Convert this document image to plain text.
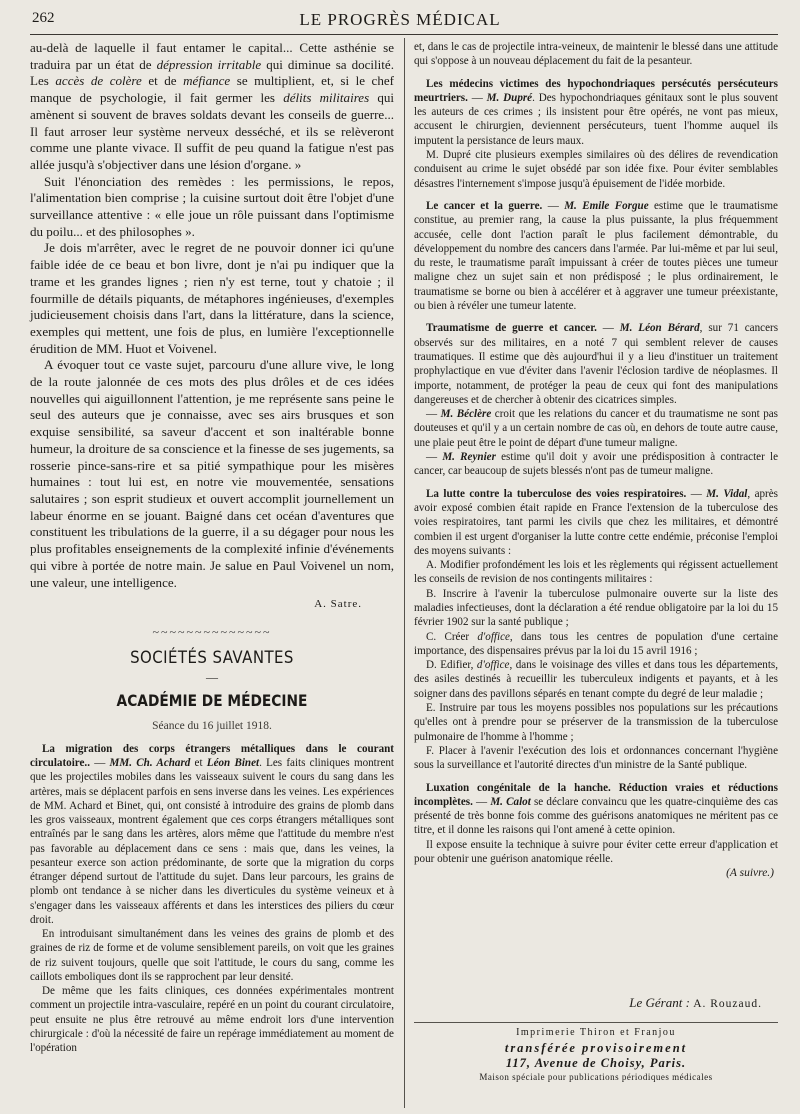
262	LE PROGRÈS MÉDICAL

au-delà de laquelle il faut entamer le capital... Cette asthénie se traduira par un état de dépression irritable qui diminue sa docilité. Les accès de colère et de méfiance se multiplient, et, si le chef manque de psychologie, il fait germer les délits militaires qui amènent si souvent de braves soldats devant les conseils de guerre... Il faut arroser leur système nerveux desséché, et ils se relèveront comme une plante vivace. Il suffit de peu quand la fatigue n'est pas allée jusqu'à s'objectiver dans une lésion d'organe. »

Suit l'énonciation des remèdes : les permissions, le repos, l'alimentation bien comprise ; la cuisine surtout doit être l'objet d'une surveillance attentive : « elle joue un rôle puissant dans l'optimisme du poilu... et des philosophes ».

Je dois m'arrêter, avec le regret de ne pouvoir donner ici qu'une faible idée de ce beau et bon livre, dont je n'ai pu indiquer que la trame et les grandes lignes ; rien n'y est terne, tout y chatoie ; il fourmille de détails piquants, de métaphores ingénieuses, d'exemples judicieusement choisis dans l'art, dans la littérature, dans la science, exemples qui mettent, une fois de plus, en lumière l'exceptionnelle érudition de MM. Huot et Voivenel.

A évoquer tout ce vaste sujet, parcouru d'une allure vive, le long de la route jalonnée de ces mots des plus drôles et de ces idées nouvelles qui aiguillonnent l'attention, je me représente sans peine le seul des auteurs que je connaisse, avec ses airs brusques et son exquise sensibilité, sa saveur d'accent et son inaltérable bonne humeur, la droiture de sa conscience et la finesse de ses jugements, sa rosserie pince-sans-rire et sa pitié sympathique pour les misères humaines : tout lui est, en notre vie mouvementée, sensations salutaires ; son esprit studieux et ouvert accomplit journellement un labeur énorme en se jouant. Baigné dans cet océan d'aventures que constituent les tribulations de la guerre, il a su dégager pour nous les plus profitables enseignements de la complexité infinie d'événements qui vibre à portée de notre main. Je salue en Paul Voivenel un nom, une valeur, une intelligence.

A. Satre.

~~~~~~~~~~~~~~

SOCIÉTÉS SAVANTES

—

ACADÉMIE DE MÉDECINE

Séance du 16 juillet 1918.

La migration des corps étrangers métalliques dans le courant circulatoire.. — MM. Ch. Achard et Léon Binet. Les faits cliniques montrent que les projectiles mobiles dans les vaisseaux suivent le cours du sang dans les artères, mais se déplacent parfois en sens inverse dans les veines. Les expériences de MM. Achard et Binet, qui, ont consisté à introduire des grains de plomb dans les gros vaisseaux, montrent également que ces corps étrangers métalliques sont entraînés par le sang dans les artères, alors même que l'attitude du membre n'est pas favorable au déplacement dans ce sens : mais que, dans les veines, la pesanteur exerce son action prédominante, de sorte que la migration du corps étranger dépend surtout de l'attitude du sujet. Dans leur parcours, les grains de plomb ont tendance à se nicher dans les diverticules du système veineux et à s'engager dans les vaisseaux afférents et dans les interstices des piliers du cœur droit.

En introduisant simultanément dans les veines des grains de plomb et des graines de riz de forme et de volume sensiblement pareils, on voit que les graines de riz suivent toujours, quelle que soit l'attitude, le cours du sang, comme les caillots emboliques dont ils se rapprochent par leur densité.

De même que les faits cliniques, ces données expérimentales montrent comment un projectile intra-vasculaire, repéré en un point du courant circulatoire, peut ensuite ne plus être retrouvé au même endroit lors d'une intervention chirurgicale : d'où la nécessité de faire un repérage immédiatement au moment de l'opération

et, dans le cas de projectile intra-veineux, de maintenir le blessé dans une attitude qui s'oppose à un nouveau déplacement du fait de la pesanteur.

Les médecins victimes des hypochondriaques persécutés persécuteurs meurtriers. — M. Dupré. Des hypochondriaques génitaux sont le plus souvent les auteurs de ces crimes ; ils insistent pour être opérés, ne vont pas mieux, accusent le chirurgien, deviennent persécuteurs, tuent l'homme auquel ils imputent la persistance de leurs maux.

M. Dupré cite plusieurs exemples similaires où des délires de revendication conduisent au crime le sujet obsédé par son idée fixe. Pour éviter semblables désastres l'internement s'impose jusqu'à épuisement de l'idée morbide.

Le cancer et la guerre. — M. Emile Forgue estime que le traumatisme constitue, au premier rang, la cause la plus puissante, la plus fréquemment accusée, celle dont l'action paraît le plus facilement démontrable, du développement du nombre des cancers dans l'armée. Par lui-même et par lui seul, du reste, le traumatisme paraît impuissant à créer de toutes pièces une tumeur maligne chez un sujet sain et non prédisposé ; le plus ordinairement, le traumatisme se borne ou bien à accélérer et à aggraver une tumeur préexistante, ou bien à révéler une tumeur latente.

Traumatisme de guerre et cancer. — M. Léon Bérard, sur 71 cancers observés sur des militaires, en a noté 7 qui semblent relever de causes traumatiques. Il estime que dès aujourd'hui il y a lieu d'instituer un traitement prophylactique en vue d'éviter dans l'avenir l'éclosion tardive de néoplasmes. Il importe, notamment, de protéger la peau de ceux qui font des manipulations dangereuses et de chercher à obtenir des cicatrices simples.

— M. Béclère croit que les relations du cancer et du traumatisme ne sont pas douteuses et qu'il y a un certain nombre de cas où, en dehors de toute autre cause, une plaie peut être le point de départ d'une tumeur maligne.

— M. Reynier estime qu'il doit y avoir une prédisposition à contracter le cancer, car beaucoup de sujets blessés n'ont pas de tumeur maligne.

La lutte contre la tuberculose des voies respiratoires. — M. Vidal, après avoir exposé combien était rapide en France l'extension de la tuberculose des voies respiratoires, tant parmi les civils que chez les militaires, et démontré combien il est urgent d'organiser la lutte contre cette endémie, préconise l'emploi des moyens suivants :

A. Modifier profondément les lois et les règlements qui régissent actuellement les conseils de revision de nos contingents militaires :

B. Inscrire à l'avenir la tuberculose pulmonaire ouverte sur la liste des maladies infectieuses, dont la déclaration a été rendue obligatoire par la loi du 15 février 1902 sur la santé publique ;

C. Créer d'office, dans tous les centres de population d'une certaine importance, des dispensaires prévus par la loi du 15 avril 1916 ;

D. Edifier, d'office, dans le voisinage des villes et dans tous les départements, des asiles destinés à recueillir les tuberculeux indigents et payants, et à les soigner dans des pavillons séparés en tenant compte du degré de leur maladie ;

E. Instruire par tous les moyens possibles nos populations sur les précautions qu'elles ont à prendre pour se préserver de la transmission de la tuberculose pulmonaire de l'homme à l'homme ;

F. Placer à l'avenir l'exécution des lois et ordonnances concernant l'hygiène sous la surveillance et l'autorité directes d'un ministre de la Santé publique.

Luxation congénitale de la hanche. Réduction vraies et réductions incomplètes. — M. Calot se déclare convaincu que les quatre-cinquième des cas présenté de très bonne fois comme des guérisons anatomiques ne méritent pas ce titre, et il donne les raisons qui l'ont amené à cette opinion.

Il expose ensuite la technique à suivre pour éviter cette erreur d'application et pour obtenir une guérison anatomique réelle.

(A suivre.)

Le Gérant : A. Rouzaud.
Imprimerie Thiron et Franjou
transférée provisoirement
117, Avenue de Choisy, Paris.
Maison spéciale pour publications périodiques médicales
